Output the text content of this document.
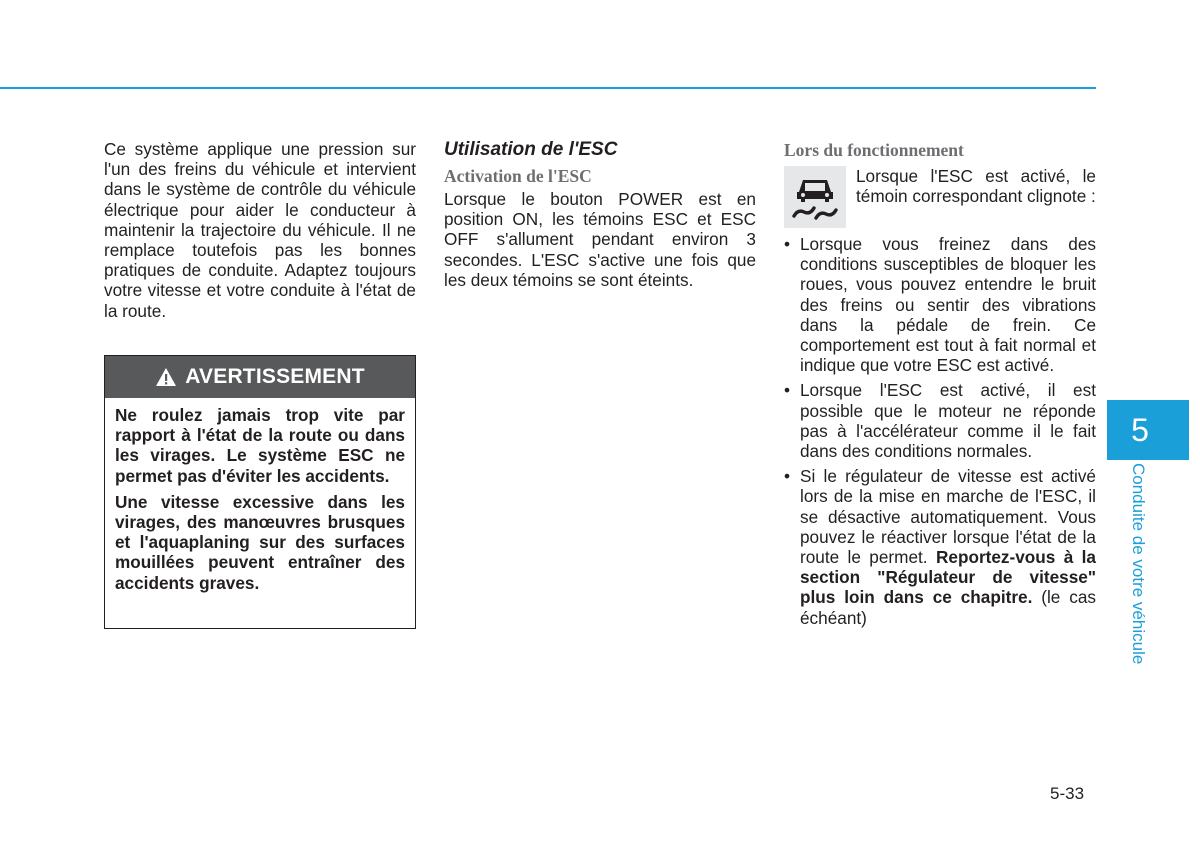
Ce système applique une pression sur l'un des freins du véhicule et intervient dans le système de contrôle du véhicule électrique pour aider le conducteur à maintenir la trajectoire du véhicule. Il ne remplace toutefois pas les bonnes pratiques de conduite. Adaptez toujours votre vitesse et votre conduite à l'état de la route.

AVERTISSEMENT

Ne roulez jamais trop vite par rapport à l'état de la route ou dans les virages. Le système ESC ne permet pas d'éviter les accidents.

Une vitesse excessive dans les virages, des manœuvres brusques et l'aquaplaning sur des surfaces mouillées peuvent entraîner des accidents graves.

Utilisation de l'ESC
Activation de l'ESC

Lorsque le bouton POWER est en position ON, les témoins ESC et ESC OFF s'allument pendant environ 3 secondes. L'ESC s'active une fois que les deux témoins se sont éteints.

Lors du fonctionnement

Lorsque l'ESC est activé, le témoin correspondant clignote :

• Lorsque vous freinez dans des conditions susceptibles de bloquer les roues, vous pouvez entendre le bruit des freins ou sentir des vibrations dans la pédale de frein. Ce comportement est tout à fait normal et indique que votre ESC est activé.
• Lorsque l'ESC est activé, il est possible que le moteur ne réponde pas à l'accélérateur comme il le fait dans des conditions normales.
• Si le régulateur de vitesse est activé lors de la mise en marche de l'ESC, il se désactive automatiquement. Vous pouvez le réactiver lorsque l'état de la route le permet. Reportez-vous à la section "Régulateur de vitesse" plus loin dans ce chapitre. (le cas échéant)
5
Conduite de votre véhicule
5-33
